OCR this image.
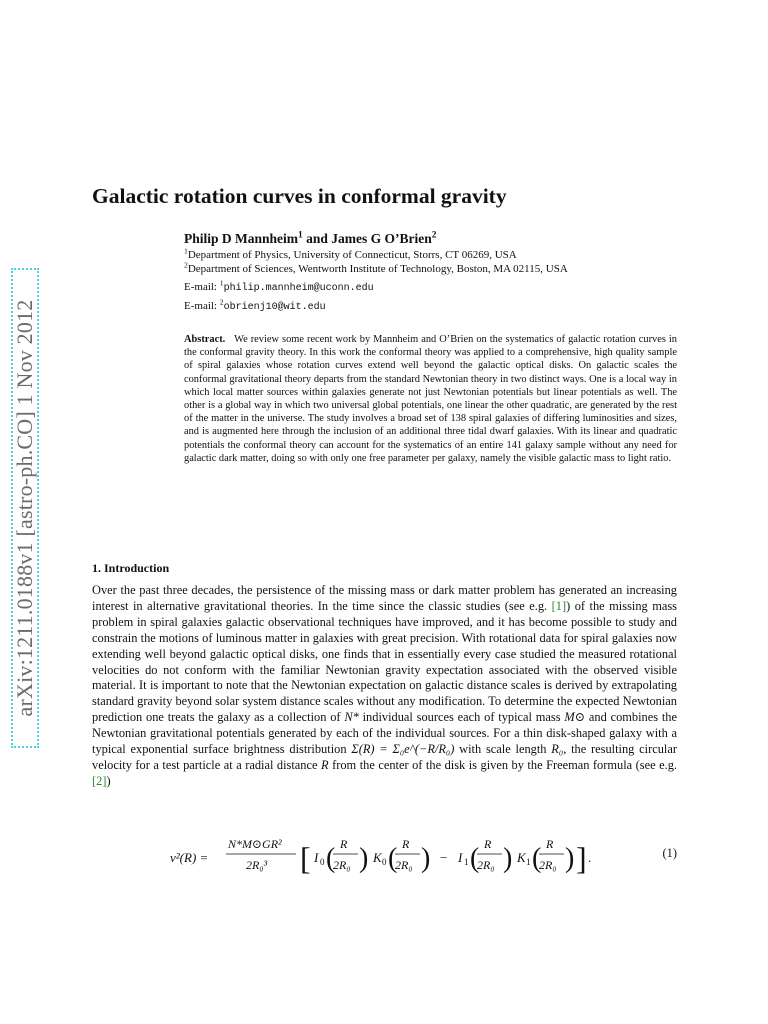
arXiv:1211.0188v1 [astro-ph.CO] 1 Nov 2012
Galactic rotation curves in conformal gravity
Philip D Mannheim$^1$ and James G O’Brien$^2$
$^1$Department of Physics, University of Connecticut, Storrs, CT 06269, USA
$^2$Department of Sciences, Wentworth Institute of Technology, Boston, MA 02115, USA
E-mail: $^1$philip.mannheim@uconn.edu
E-mail: $^2$obrienj10@wit.edu
Abstract. We review some recent work by Mannheim and O’Brien on the systematics of galactic rotation curves in the conformal gravity theory. In this work the conformal theory was applied to a comprehensive, high quality sample of spiral galaxies whose rotation curves extend well beyond the galactic optical disks. On galactic scales the conformal gravitational theory departs from the standard Newtonian theory in two distinct ways. One is a local way in which local matter sources within galaxies generate not just Newtonian potentials but linear potentials as well. The other is a global way in which two universal global potentials, one linear the other quadratic, are generated by the rest of the matter in the universe. The study involves a broad set of 138 spiral galaxies of differing luminosities and sizes, and is augmented here through the inclusion of an additional three tidal dwarf galaxies. With its linear and quadratic potentials the conformal theory can account for the systematics of an entire 141 galaxy sample without any need for galactic dark matter, doing so with only one free parameter per galaxy, namely the visible galactic mass to light ratio.
1. Introduction
Over the past three decades, the persistence of the missing mass or dark matter problem has generated an increasing interest in alternative gravitational theories. In the time since the classic studies (see e.g. [1]) of the missing mass problem in spiral galaxies galactic observational techniques have improved, and it has become possible to study and constrain the motions of luminous matter in galaxies with great precision. With rotational data for spiral galaxies now extending well beyond galactic optical disks, one finds that in essentially every case studied the measured rotational velocities do not conform with the familiar Newtonian gravity expectation associated with the observed visible material. It is important to note that the Newtonian expectation on galactic distance scales is derived by extrapolating standard gravity beyond solar system distance scales without any modification. To determine the expected Newtonian prediction one treats the galaxy as a collection of N* individual sources each of typical mass M⊙ and combines the Newtonian gravitational potentials generated by each of the individual sources. For a thin disk-shaped galaxy with a typical exponential surface brightness distribution Σ(R) = Σ₀e^(−R/R₀) with scale length R₀, the resulting circular velocity for a test particle at a radial distance R from the center of the disk is given by the Freeman formula (see e.g. [2])
v²(R) =
N*M⊙GR²
2R₀³ [ I 0 ( R
2R₀ ) K 0 ( R
2R₀ ) − I 1 ( R
2R₀ ) K 1 ( R
2R₀ ) ] .	(1)
